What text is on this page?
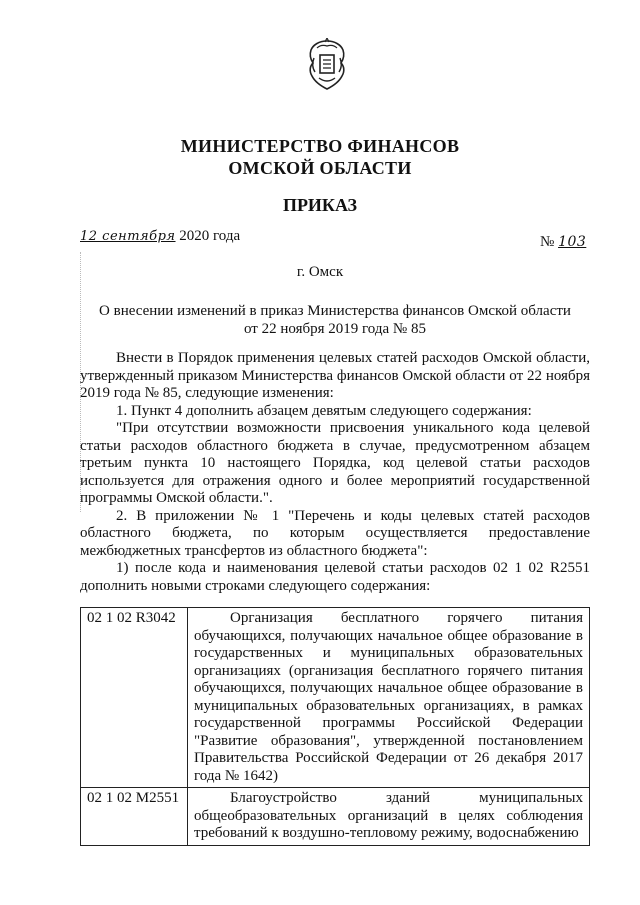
МИНИСТЕРСТВО ФИНАНСОВ
ОМСКОЙ ОБЛАСТИ
ПРИКАЗ
12 сентября 2020 года	№ 103
г. Омск
О внесении изменений в приказ Министерства финансов Омской области
от 22 ноября 2019 года № 85

Внести в Порядок применения целевых статей расходов Омской области, утвержденный приказом Министерства финансов Омской области от 22 ноября 2019 года № 85, следующие изменения:

1. Пункт 4 дополнить абзацем девятым следующего содержания:

"При отсутствии возможности присвоения уникального кода целевой статьи расходов областного бюджета в случае, предусмотренном абзацем третьим пункта 10 настоящего Порядка, код целевой статьи расходов используется для отражения одного и более мероприятий государственной программы Омской области.".

2. В приложении № 1 "Перечень и коды целевых статей расходов областного бюджета, по которым осуществляется предоставление межбюджетных трансфертов из областного бюджета":

1) после кода и наименования целевой статьи расходов 02 1 02 R2551 дополнить новыми строками следующего содержания:

02 1 02 R3042	Организация бесплатного горячего питания обучающихся, получающих начальное общее образование в государственных и муниципальных образовательных организациях (организация бесплатного горячего питания обучающихся, получающих начальное общее образование в муниципальных образовательных организациях, в рамках государственной программы Российской Федерации "Развитие образования", утвержденной постановлением Правительства Российской Федерации от 26 декабря 2017 года № 1642)
02 1 02 M2551	Благоустройство зданий муниципальных общеобразовательных организаций в целях соблюдения требований к воздушно-тепловому режиму, водоснабжению
